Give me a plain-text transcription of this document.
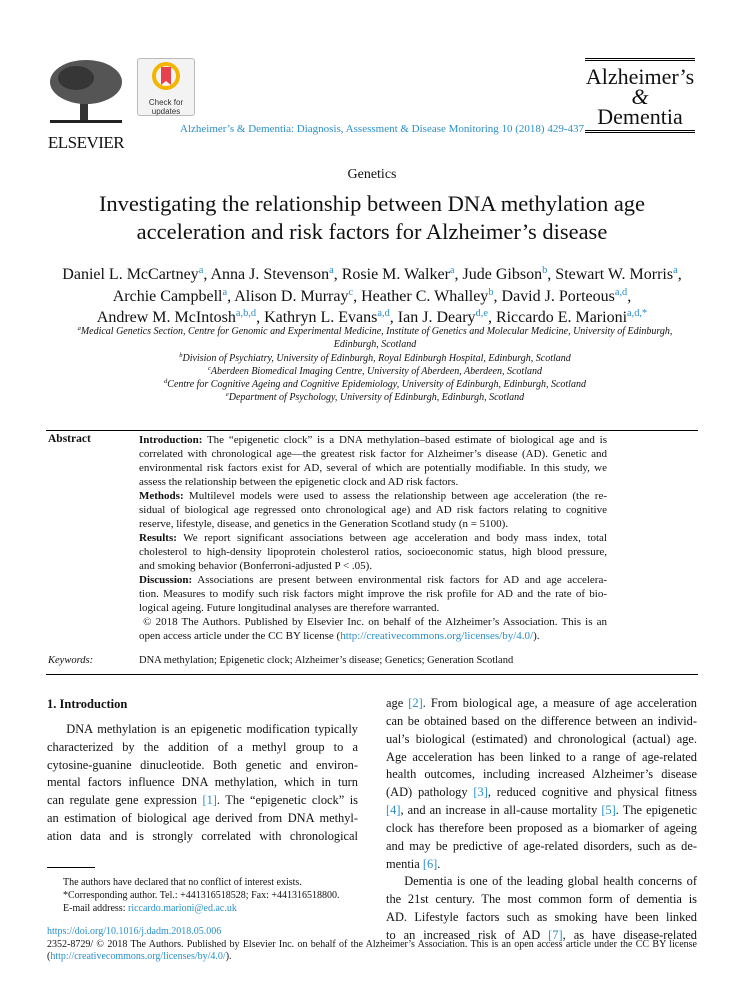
ELSEVIER
Check for updates
Alzheimer’s & Dementia: Diagnosis, Assessment & Disease Monitoring 10 (2018) 429-437
Alzheimer’s
&
Dementia
Genetics
Investigating the relationship between DNA methylation age
acceleration and risk factors for Alzheimer’s disease
Daniel L. McCartney$^a$, Anna J. Stevenson$^a$, Rosie M. Walker$^a$, Jude Gibson$^b$, Stewart W. Morris$^a$,
Archie Campbell$^a$, Alison D. Murray$^c$, Heather C. Whalley$^b$, David J. Porteous$^{a,d}$,
Andrew M. McIntosh$^{a,b,d}$, Kathryn L. Evans$^{a,d}$, Ian J. Deary$^{d,e}$, Riccardo E. Marioni$^{a,d,*}$
$^a$Medical Genetics Section, Centre for Genomic and Experimental Medicine, Institute of Genetics and Molecular Medicine, University of Edinburgh,
Edinburgh, Scotland
$^b$Division of Psychiatry, University of Edinburgh, Royal Edinburgh Hospital, Edinburgh, Scotland
$^c$Aberdeen Biomedical Imaging Centre, University of Aberdeen, Aberdeen, Scotland
$^d$Centre for Cognitive Ageing and Cognitive Epidemiology, University of Edinburgh, Edinburgh, Scotland
$^e$Department of Psychology, University of Edinburgh, Edinburgh, Scotland
Abstract	Introduction: The “epigenetic clock” is a DNA methylation–based estimate of biological age and is
correlated with chronological age—the greatest risk factor for Alzheimer’s disease (AD). Genetic and
environmental risk factors exist for AD, several of which are potentially modifiable. In this study, we
assess the relationship between the epigenetic clock and AD risk factors.
Methods: Multilevel models were used to assess the relationship between age acceleration (the re-
sidual of biological age regressed onto chronological age) and AD risk factors relating to cognitive
reserve, lifestyle, disease, and genetics in the Generation Scotland study (n = 5100).
Results: We report significant associations between age acceleration and body mass index, total
cholesterol to high-density lipoprotein cholesterol ratios, socioeconomic status, high blood pressure,
and smoking behavior (Bonferroni-adjusted P < .05).
Discussion: Associations are present between environmental risk factors for AD and age accelera-
tion. Measures to modify such risk factors might improve the risk profile for AD and the rate of bio-
logical ageing. Future longitudinal analyses are therefore warranted.
© 2018 The Authors. Published by Elsevier Inc. on behalf of the Alzheimer’s Association. This is an
open access article under the CC BY license (http://creativecommons.org/licenses/by/4.0/).
Keywords:	DNA methylation; Epigenetic clock; Alzheimer’s disease; Genetics; Generation Scotland
1. Introduction
DNA methylation is an epigenetic modification typically
characterized by the addition of a methyl group to a
cytosine-guanine dinucleotide. Both genetic and environ-
mental factors influence DNA methylation, which in turn
can regulate gene expression [1]. The “epigenetic clock” is
an estimation of biological age derived from DNA methyl-
ation data and is strongly correlated with chronological
age [2]. From biological age, a measure of age acceleration
can be obtained based on the difference between an individ-
ual’s biological (estimated) and chronological (actual) age.
Age acceleration has been linked to a range of age-related
health outcomes, including increased Alzheimer’s disease
(AD) pathology [3], reduced cognitive and physical fitness
[4], and an increase in all-cause mortality [5]. The epigenetic
clock has therefore been proposed as a biomarker of ageing
and may be predictive of age-related disorders, such as de-
mentia [6].
Dementia is one of the leading global health concerns of
the 21st century. The most common form of dementia is
AD. Lifestyle factors such as smoking have been linked
to an increased risk of AD [7], as have disease-related
The authors have declared that no conflict of interest exists.
*Corresponding author. Tel.: +441316518528; Fax: +441316518800.
E-mail address: riccardo.marioni@ed.ac.uk
https://doi.org/10.1016/j.dadm.2018.05.006
2352-8729/ © 2018 The Authors. Published by Elsevier Inc. on behalf of the Alzheimer’s Association. This is an open access article under the CC BY license
(http://creativecommons.org/licenses/by/4.0/).
